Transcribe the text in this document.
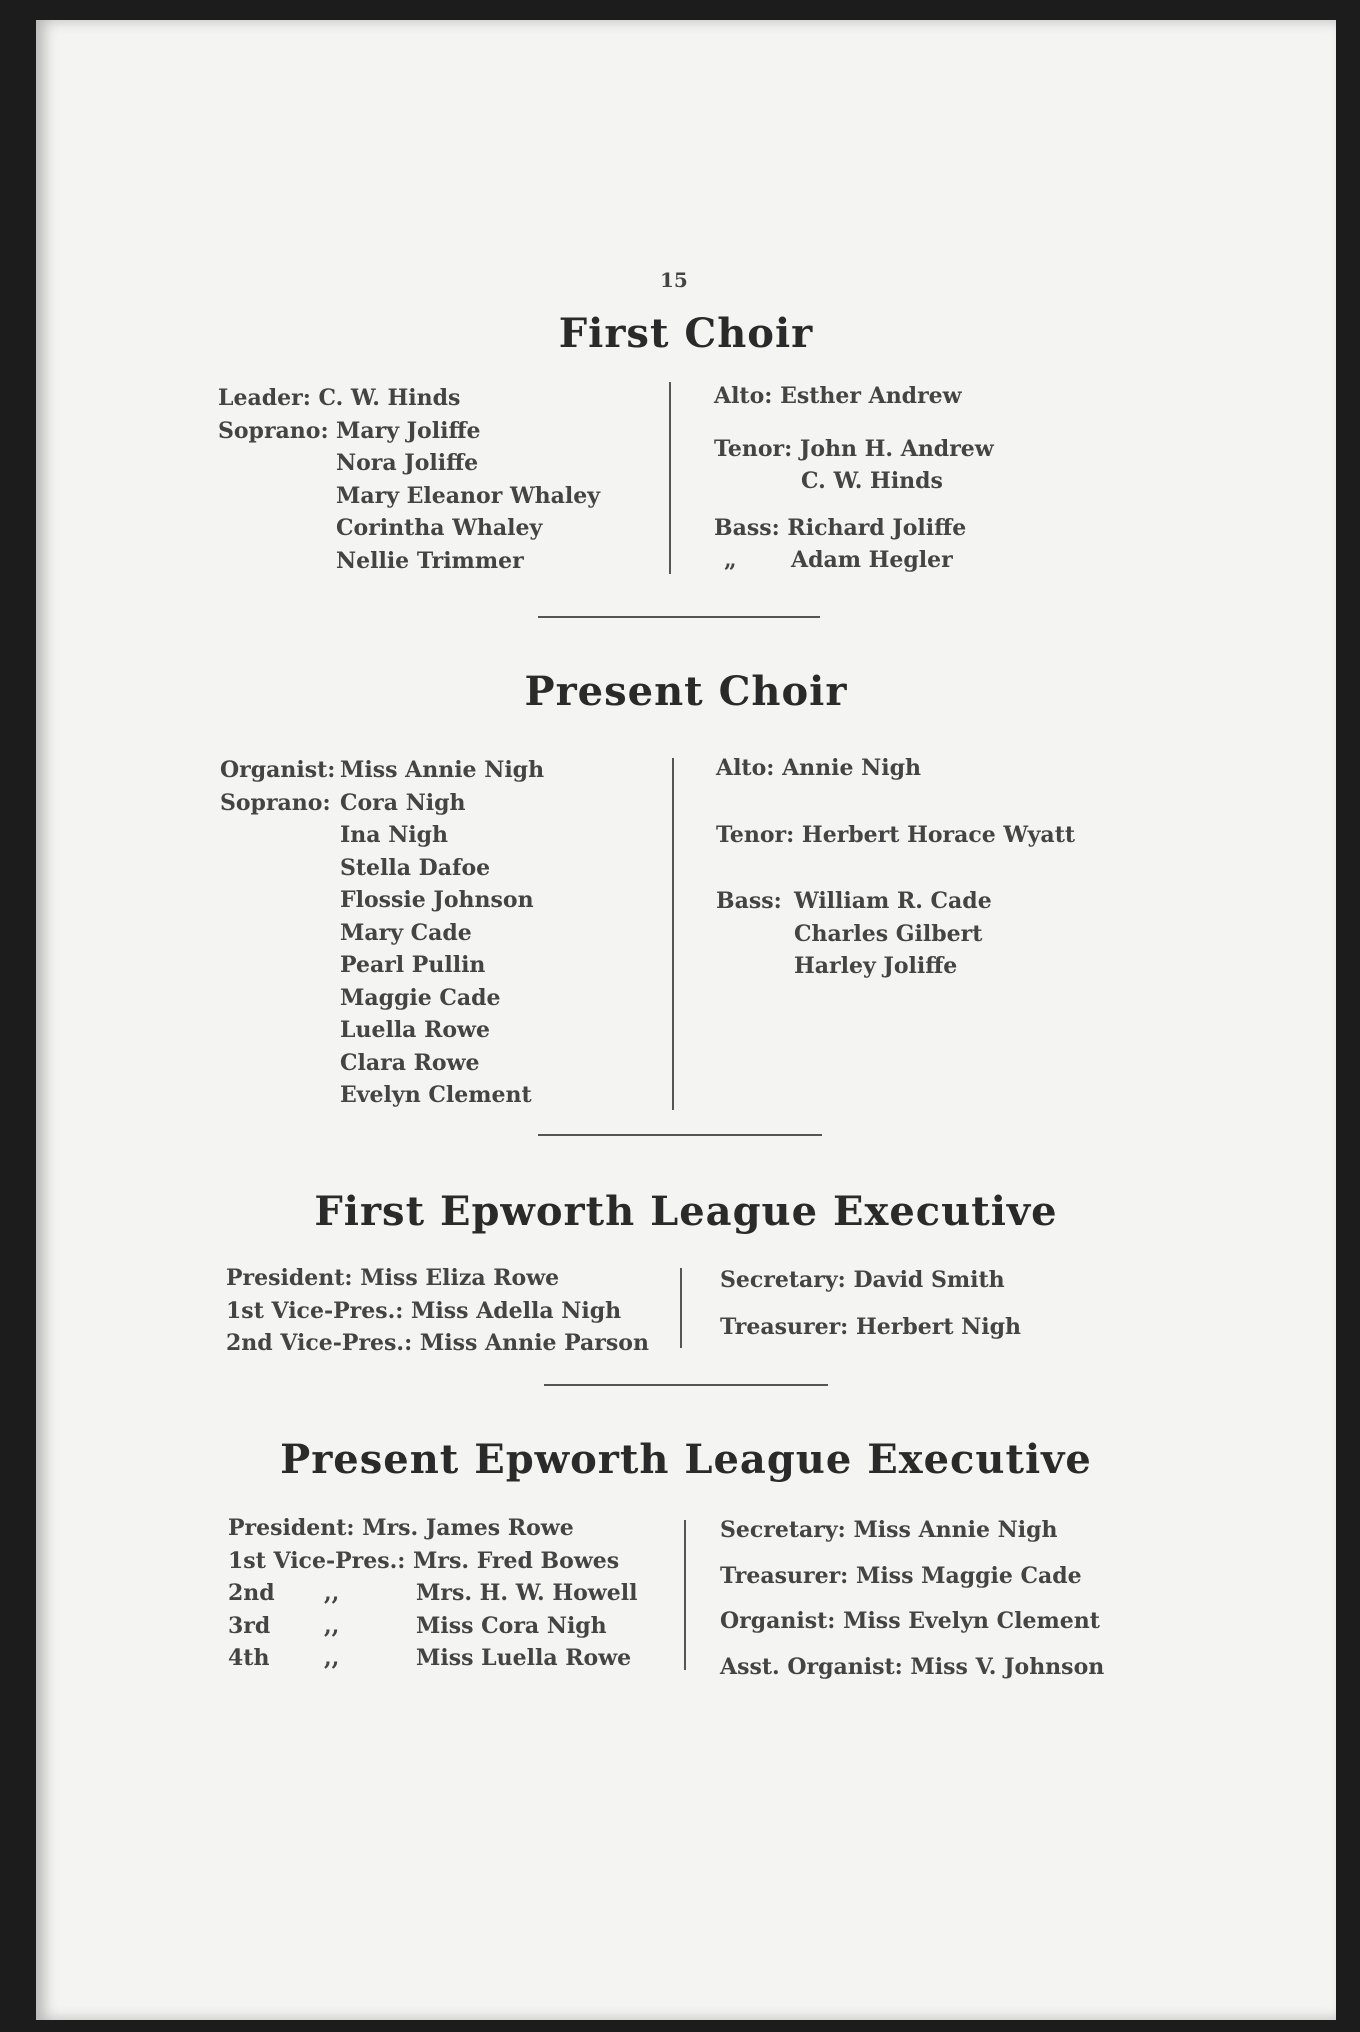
15
First Choir
Leader: C. W. Hinds
Soprano: Mary Joliffe
Nora Joliffe
Mary Eleanor Whaley
Corintha Whaley
Nellie Trimmer
Alto: Esther Andrew
Tenor: John H. Andrew
C. W. Hinds
Bass: Richard Joliffe
„ Adam Hegler
Present Choir
Organist: Miss Annie Nigh
Soprano: Cora Nigh
Ina Nigh
Stella Dafoe
Flossie Johnson
Mary Cade
Pearl Pullin
Maggie Cade
Luella Rowe
Clara Rowe
Evelyn Clement
Alto: Annie Nigh
Tenor: Herbert Horace Wyatt
Bass: William R. Cade
Charles Gilbert
Harley Joliffe
First Epworth League Executive
President: Miss Eliza Rowe
1st Vice-Pres.: Miss Adella Nigh
2nd Vice-Pres.: Miss Annie Parson
Secretary: David Smith
Treasurer: Herbert Nigh
Present Epworth League Executive
President: Mrs. James Rowe
1st Vice-Pres.: Mrs. Fred Bowes
2nd ,,	Mrs. H. W. Howell
3rd ,,	Miss Cora Nigh
4th ,,	Miss Luella Rowe
Secretary: Miss Annie Nigh
Treasurer: Miss Maggie Cade
Organist: Miss Evelyn Clement
Asst. Organist: Miss V. Johnson
